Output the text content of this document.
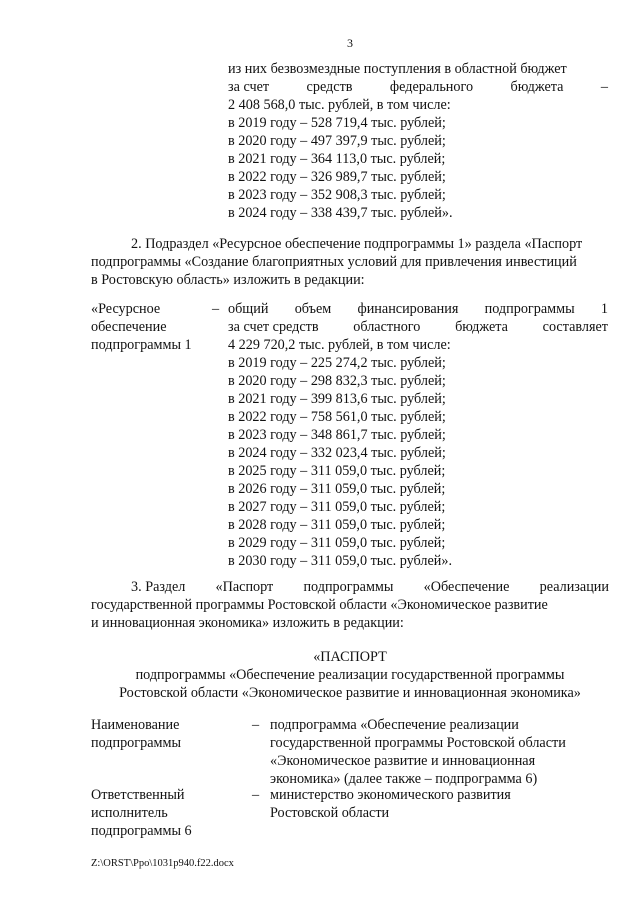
3
из них безвозмездные поступления в областной бюджет
за счет	средств	федерального	бюджета	–
2 408 568,0 тыс. рублей, в том числе:
в 2019 году – 528 719,4 тыс. рублей;
в 2020 году – 497 397,9 тыс. рублей;
в 2021 году – 364 113,0 тыс. рублей;
в 2022 году – 326 989,7 тыс. рублей;
в 2023 году – 352 908,3 тыс. рублей;
в 2024 году – 338 439,7 тыс. рублей».

2. Подраздел «Ресурсное обеспечение подпрограммы 1» раздела «Паспорт

подпрограммы «Создание благоприятных условий для привлечения инвестиций

в Ростовскую область» изложить в редакции:

«Ресурсное
обеспечение
подпрограммы 1
– общий объем финансирования подпрограммы 1
за счет средств областного бюджета составляет
4 229 720,2 тыс. рублей, в том числе:
в 2019 году – 225 274,2 тыс. рублей;
в 2020 году – 298 832,3 тыс. рублей;
в 2021 году – 399 813,6 тыс. рублей;
в 2022 году – 758 561,0 тыс. рублей;
в 2023 году – 348 861,7 тыс. рублей;
в 2024 году – 332 023,4 тыс. рублей;
в 2025 году – 311 059,0 тыс. рублей;
в 2026 году – 311 059,0 тыс. рублей;
в 2027 году – 311 059,0 тыс. рублей;
в 2028 году – 311 059,0 тыс. рублей;
в 2029 году – 311 059,0 тыс. рублей;
в 2030 году – 311 059,0 тыс. рублей».
3. Раздел «Паспорт подпрограммы «Обеспечение реализации

государственной программы Ростовской области «Экономическое развитие

и инновационная экономика» изложить в редакции:

«ПАСПОРТ
подпрограммы «Обеспечение реализации государственной программы
Ростовской области «Экономическое развитие и инновационная экономика»
Наименование
подпрограммы
– подпрограмма «Обеспечение реализации
государственной программы Ростовской области
«Экономическое развитие и инновационная
экономика» (далее также – подпрограмма 6)
Ответственный
исполнитель
подпрограммы 6
– министерство экономического развития
Ростовской области
Z:\ORST\Ppo\1031p940.f22.docx
